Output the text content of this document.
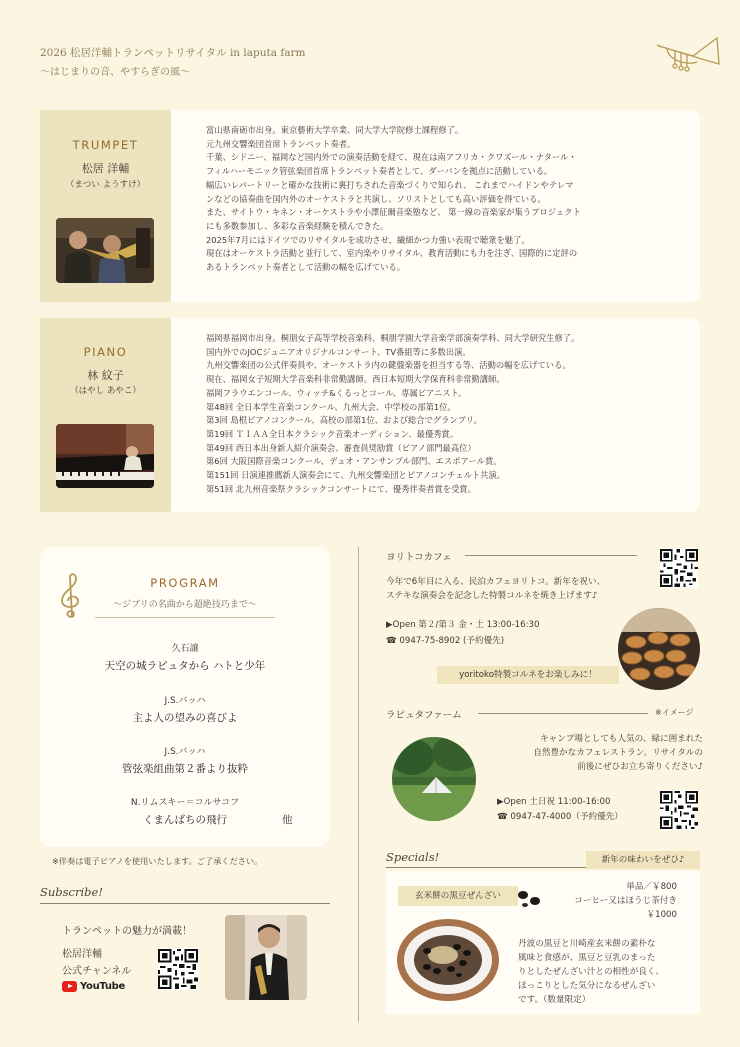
2026 松居洋輔トランペットリサイタル in laputa farm
〜はじまりの音、やすらぎの風〜
TRUMPET
松居 洋輔
（まつい ようすけ）
富山県南砺市出身。東京藝術大学卒業、同大学大学院修士課程修了。
元九州交響楽団首席トランペット奏者。
千葉、シドニー、福岡など国内外での演奏活動を経て、現在は南アフリカ・クワズール・ナタール・
フィルハーモニック管弦楽団首席トランペット奏者として、ダーバンを拠点に活動している。
幅広いレパートリーと確かな技術に裏打ちされた音楽づくりで知られ、 これまでハイドンやテレマ
ンなどの協奏曲を国内外のオーケストラと共演し、ソリストとしても高い評価を得ている。
また、サイトウ・キネン・オーケストラや小澤征爾音楽塾など、 第一線の音楽家が集うプロジェクト
にも多数参加し、多彩な音楽経験を積んできた。
2025年7月にはドイツでのリサイタルを成功させ、繊細かつ力強い表現で聴衆を魅了。
現在はオーケストラ活動と並行して、室内楽やリサイタル、教育活動にも力を注ぎ、国際的に定評の
あるトランペット奏者として活動の幅を広げている。
PIANO
林 紋子
（はやし あやこ）
福岡県福岡市出身。桐朋女子高等学校音楽科、桐朋学園大学音楽学部演奏学科、同大学研究生修了。
国内外でのJOCジュニアオリジナルコンサート、TV番組等に多数出演。
九州交響楽団の公式伴奏員や、オーケストラ内の鍵盤楽器を担当する等、活動の幅を広げている。
現在、福岡女子短期大学音楽科非常勤講師。西日本短期大学保育科非常勤講師。
福岡フラウエンコール、ウィッチ&くるっとコール、専属ピアニスト。
第48回 全日本学生音楽コンクール、九州大会、中学校の部第1位。
第3回 島根ピアノコンクール、高校の部第1位、および総合でグランプリ。
第19回 ＴＩＡＡ全日本クラシック音楽オーディション、最優秀賞。
第49回 西日本出身新人紹介演奏会、審査員奨励賞（ピアノ部門最高位）
第6回 大阪国際音楽コンクール、デュオ・アンサンブル部門、エスポアール賞。
第151回 日演連推薦新人演奏会にて、九州交響楽団とピアノコンチェルト共演。
第51回 北九州音楽祭クラシックコンサートにて、優秀伴奏者賞を受賞。
PROGRAM
〜ジブリの名曲から超絶技巧まで〜
久石譲
天空の城ラピュタから ハトと少年
J.S.バッハ
主よ人の望みの喜びよ
J.S.バッハ
管弦楽組曲第２番より抜粋
N.リムスキー＝コルサコフ
くまんばちの飛行	他
※伴奏は電子ピアノを使用いたします。ご了承ください。
Subscribe!
トランペットの魅力が満載！
松居洋輔
公式チャンネル
YouTube
ヨリトコカフェ
今年で6年目に入る、民泊カフェヨリトコ。新年を祝い、
ステキな演奏会を記念した特製コルネを焼き上げます♪
▶Open 第２/第３ 金・土 13:00-16:30
☎ 0947-75-8902 (予約優先)
yoritoko特製コルネをお楽しみに！
ラピュタファーム	※イメージ
キャンプ場としても人気の、緑に囲まれた
自然豊かなカフェレストラン。リサイタルの
前後にぜひお立ち寄りください♪
▶Open 土日祝 11:00-16:00
☎ 0947-47-4000（予約優先）
Specials!	新年の味わいをぜひ♪
玄米餅の黒豆ぜんざい
単品／￥800
コーヒー又はほうじ茶付き
￥1000
丹波の黒豆と川崎産玄米餅の素朴な
風味と食感が、黒豆と豆乳のまった
りとしたぜんざい汁との相性が良く、
ほっこりとした気分になるぜんざい
です。（数量限定）
